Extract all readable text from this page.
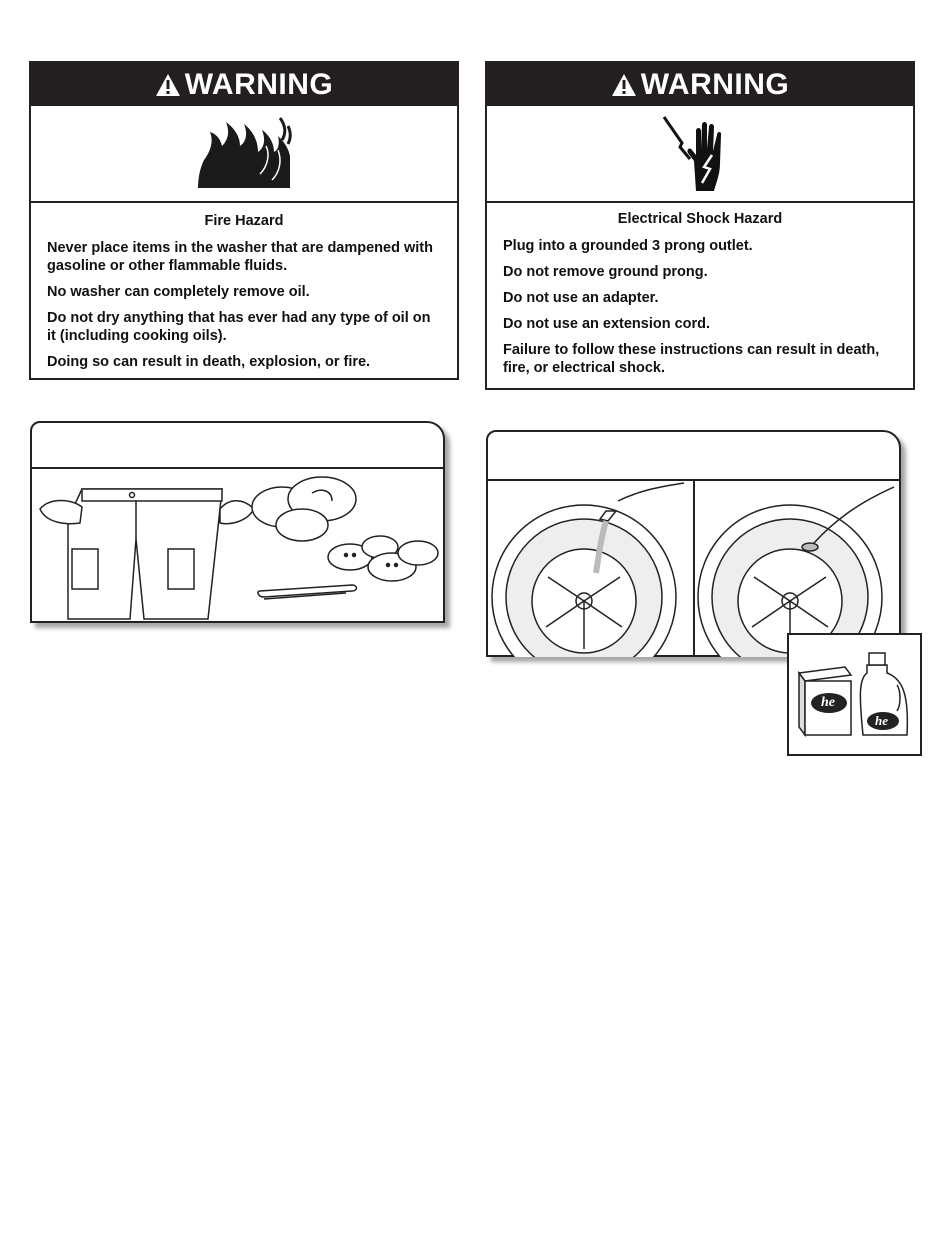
WARNING
Fire Hazard

Never place items in the washer that are dampened with gasoline or other flammable fluids.

No washer can completely remove oil.

Do not dry anything that has ever had any type of oil on it (including cooking oils).

Doing so can result in death, explosion, or fire.

WARNING
Electrical Shock Hazard

Plug into a grounded 3 prong outlet.

Do not remove ground prong.

Do not use an adapter.

Do not use an extension cord.

Failure to follow these instructions can result in death, fire, or electrical shock.

he
he
